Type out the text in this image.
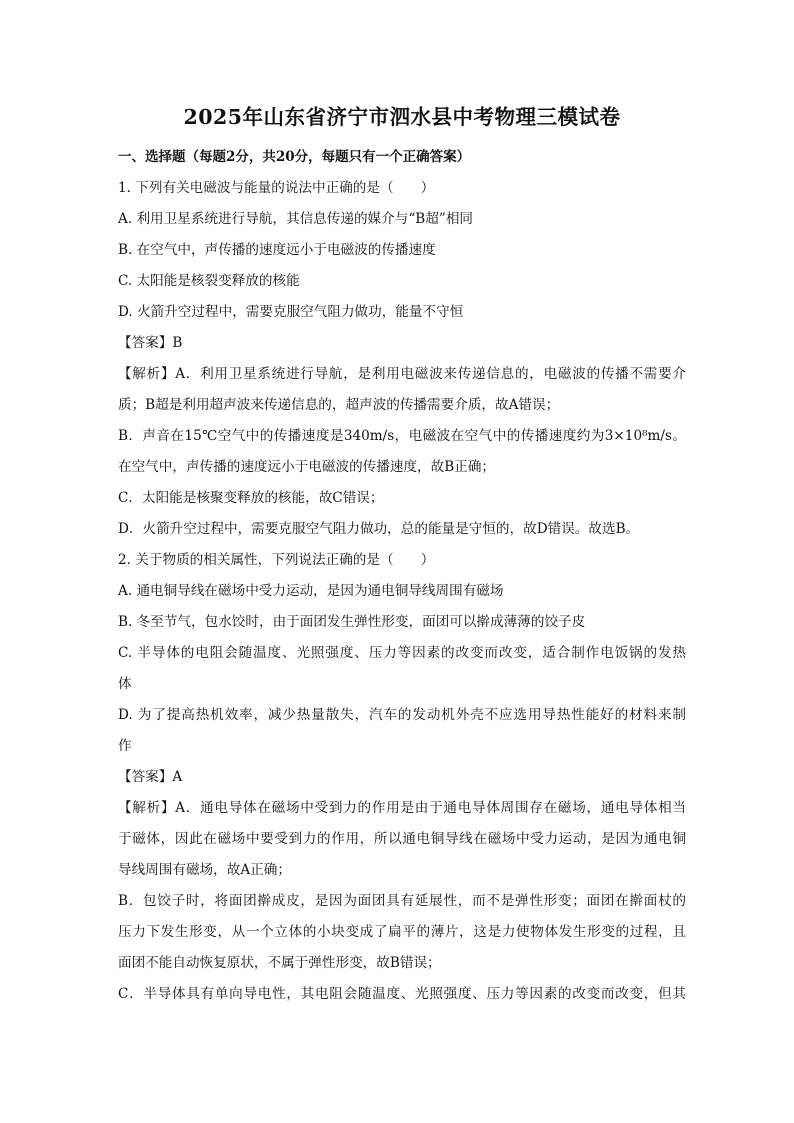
2025年山东省济宁市泗水县中考物理三模试卷

一、选择题（每题2分，共20分，每题只有一个正确答案）

1. 下列有关电磁波与能量的说法中正确的是（　　）

A. 利用卫星系统进行导航，其信息传递的媒介与“B超”相同

B. 在空气中，声传播的速度远小于电磁波的传播速度

C. 太阳能是核裂变释放的核能

D. 火箭升空过程中，需要克服空气阻力做功，能量不守恒

【答案】B

【解析】A．利用卫星系统进行导航，是利用电磁波来传递信息的，电磁波的传播不需要介

质；B超是利用超声波来传递信息的，超声波的传播需要介质，故A错误；

B．声音在15℃空气中的传播速度是340m/s，电磁波在空气中的传播速度约为3×10⁸m/s。

在空气中，声传播的速度远小于电磁波的传播速度，故B正确；

C．太阳能是核聚变释放的核能，故C错误；

D．火箭升空过程中，需要克服空气阻力做功，总的能量是守恒的，故D错误。故选B。

2. 关于物质的相关属性，下列说法正确的是（　　）

A. 通电铜导线在磁场中受力运动，是因为通电铜导线周围有磁场

B. 冬至节气，包水饺时，由于面团发生弹性形变，面团可以擀成薄薄的饺子皮

C. 半导体的电阻会随温度、光照强度、压力等因素的改变而改变，适合制作电饭锅的发热

体

D. 为了提高热机效率，减少热量散失，汽车的发动机外壳不应选用导热性能好的材料来制

作

【答案】A

【解析】A．通电导体在磁场中受到力的作用是由于通电导体周围存在磁场，通电导体相当

于磁体，因此在磁场中要受到力的作用，所以通电铜导线在磁场中受力运动，是因为通电铜

导线周围有磁场，故A正确；

B．包饺子时，将面团擀成皮，是因为面团具有延展性，而不是弹性形变；面团在擀面杖的

压力下发生形变，从一个立体的小块变成了扁平的薄片，这是力使物体发生形变的过程，且

面团不能自动恢复原状，不属于弹性形变，故B错误；

C．半导体具有单向导电性，其电阻会随温度、光照强度、压力等因素的改变而改变，但其
